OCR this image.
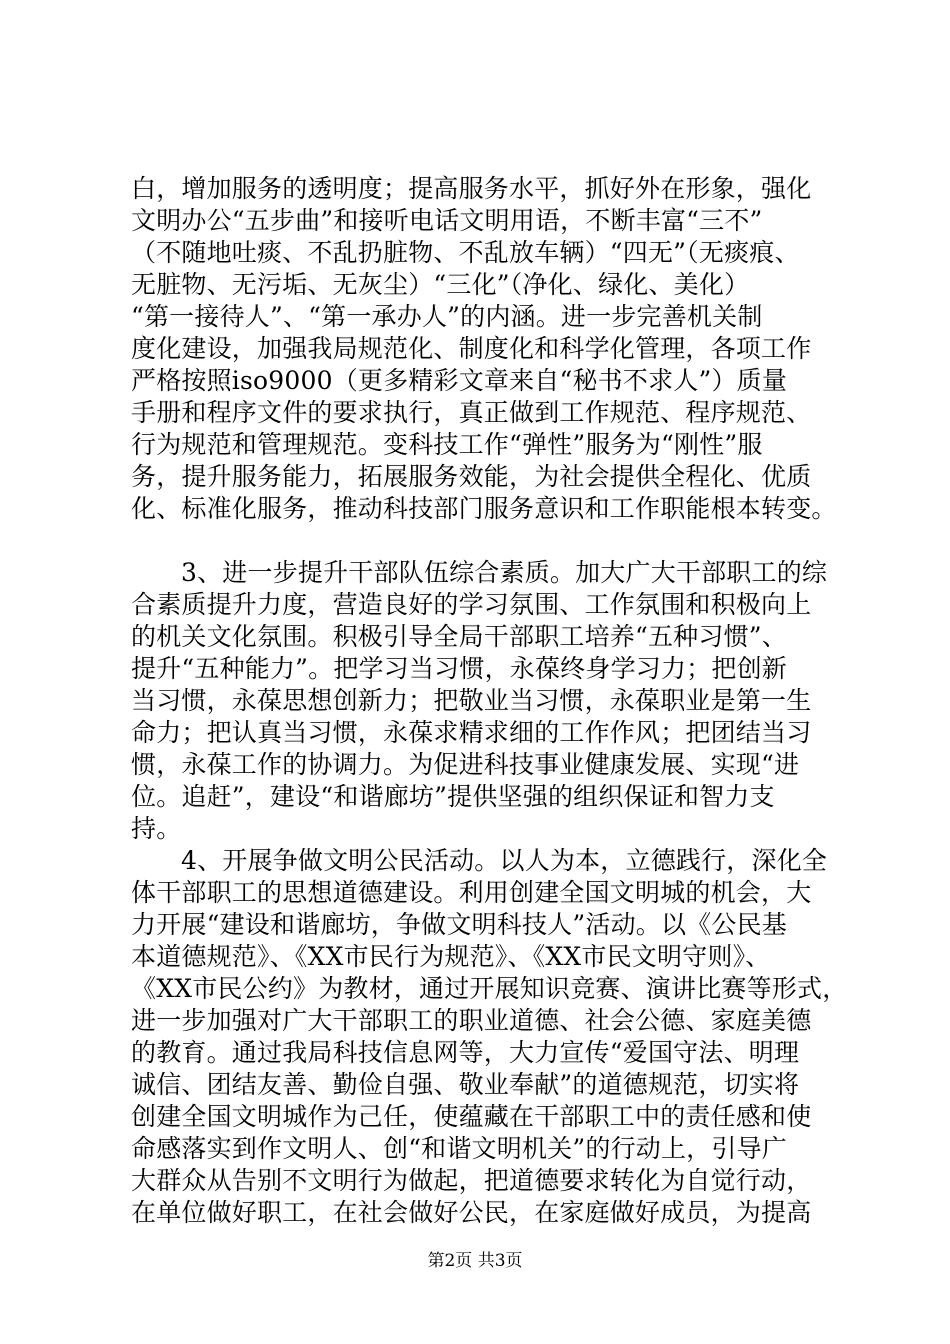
白，增加服务的透明度；提高服务水平，抓好外在形象，强化
文明办公“五步曲”和接听电话文明用语，不断丰富“三不”
（不随地吐痰、不乱扔脏物、不乱放车辆）“四无”（无痰痕、
无脏物、无污垢、无灰尘）“三化”（净化、绿化、美化）
“第一接待人”、“第一承办人”的内涵。进一步完善机关制
度化建设，加强我局规范化、制度化和科学化管理，各项工作
严格按照iso9000（更多精彩文章来自“秘书不求人”）质量
手册和程序文件的要求执行，真正做到工作规范、程序规范、
行为规范和管理规范。变科技工作“弹性”服务为“刚性”服
务，提升服务能力，拓展服务效能，为社会提供全程化、优质
化、标准化服务，推动科技部门服务意识和工作职能根本转变。
3、进一步提升干部队伍综合素质。加大广大干部职工的综
合素质提升力度，营造良好的学习氛围、工作氛围和积极向上
的机关文化氛围。积极引导全局干部职工培养“五种习惯”、
提升“五种能力”。把学习当习惯，永葆终身学习力；把创新
当习惯，永葆思想创新力；把敬业当习惯，永葆职业是第一生
命力；把认真当习惯，永葆求精求细的工作作风；把团结当习
惯，永葆工作的协调力。为促进科技事业健康发展、实现“进
位。追赶”，建设“和谐廊坊”提供坚强的组织保证和智力支
持。
4、开展争做文明公民活动。以人为本，立德践行，深化全
体干部职工的思想道德建设。利用创建全国文明城的机会，大
力开展“建设和谐廊坊，争做文明科技人”活动。以《公民基
本道德规范》、《XX市民行为规范》、《XX市民文明守则》、
《XX市民公约》为教材，通过开展知识竞赛、演讲比赛等形式，
进一步加强对广大干部职工的职业道德、社会公德、家庭美德
的教育。通过我局科技信息网等，大力宣传“爱国守法、明理
诚信、团结友善、勤俭自强、敬业奉献”的道德规范，切实将
创建全国文明城作为己任，使蕴藏在干部职工中的责任感和使
命感落实到作文明人、创“和谐文明机关”的行动上，引导广
大群众从告别不文明行为做起，把道德要求转化为自觉行动，
在单位做好职工，在社会做好公民，在家庭做好成员，为提高
第2页 共3页
